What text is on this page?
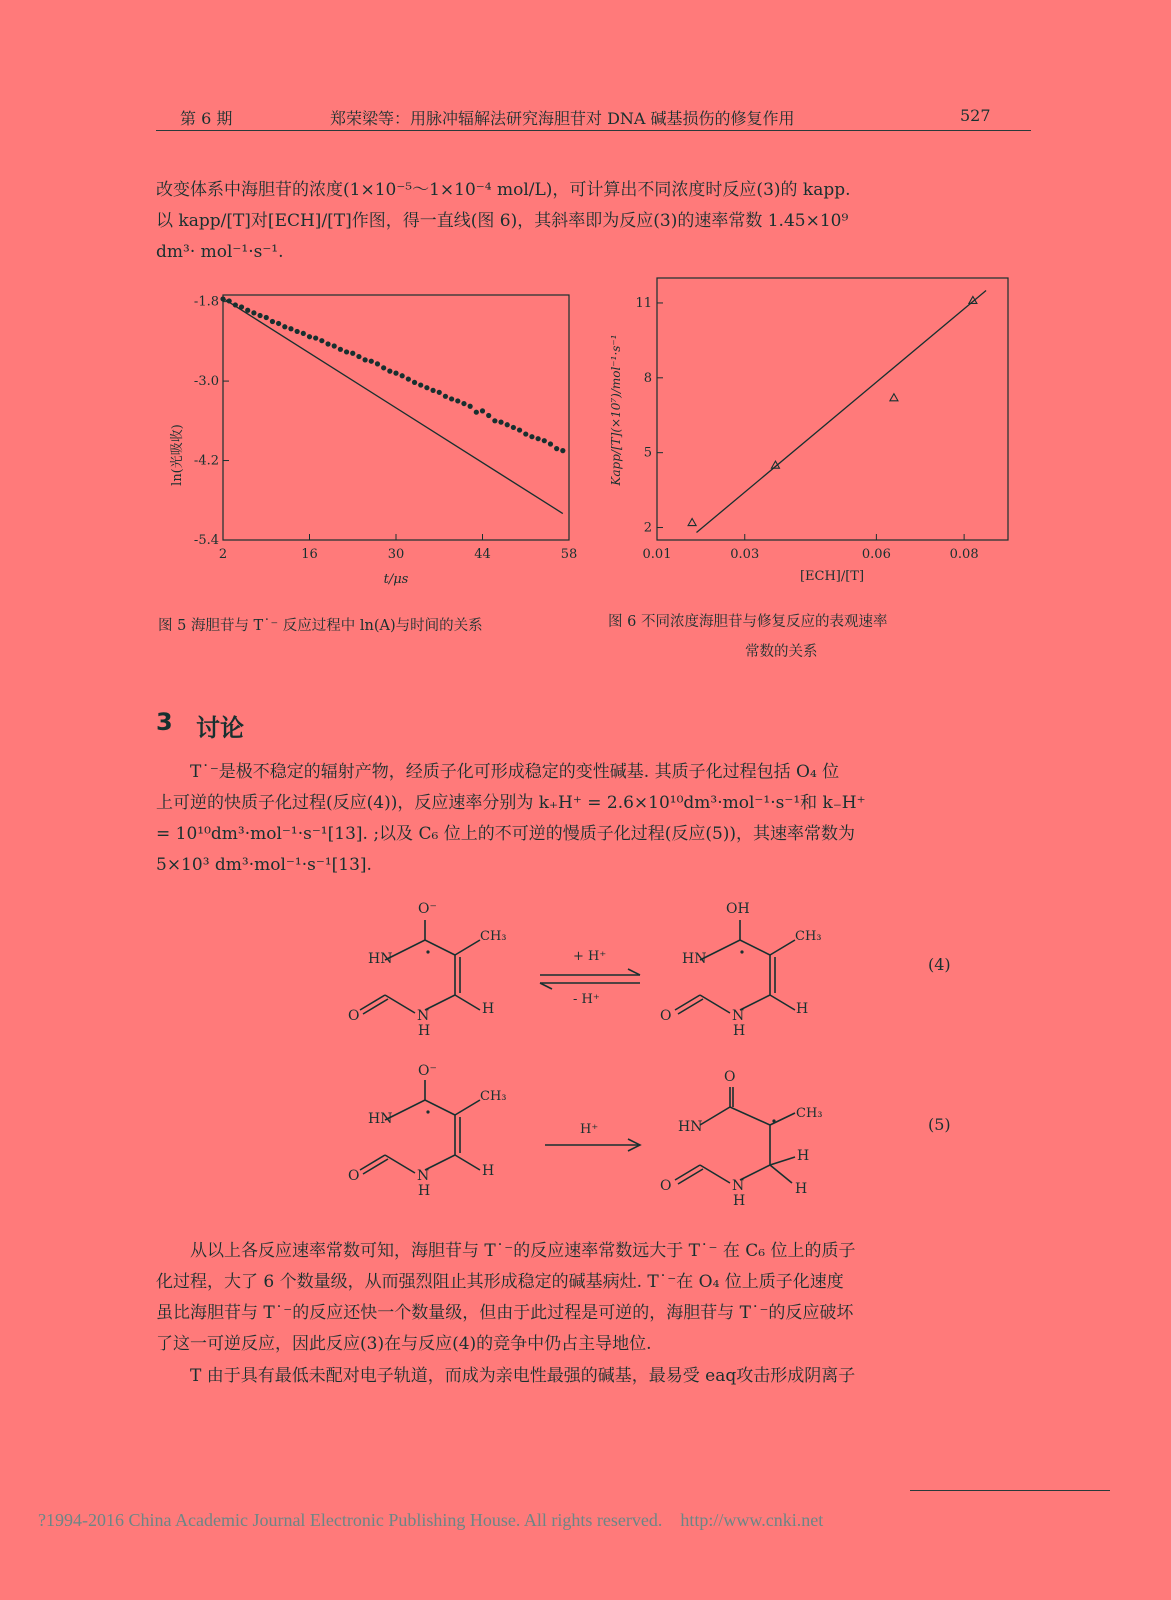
第 6 期	郑荣梁等：用脉冲辐解法研究海胆苷对 DNA 碱基损伤的修复作用	527

改变体系中海胆苷的浓度(1×10⁻⁵～1×10⁻⁴ mol/L)，可计算出不同浓度时反应(3)的 kapp.

以 kapp/[T]对[ECH]/[T]作图，得一直线(图 6)，其斜率即为反应(3)的速率常数 1.45×10⁹

dm³· mol⁻¹·s⁻¹.

2	16	30	44	58
-1.8
-3.0
-4.2
-5.4
ln(光吸收)
t/μs
图 5 海胆苷与 T˙⁻ 反应过程中 ln(A)与时间的关系
0.01	0.03	0.06	0.08
11
8
5
2
Kapp/[T](×10⁷)/mol⁻¹·s⁻¹
[ECH]/[T]
图 6 不同浓度海胆苷与修复反应的表观速率
常数的关系
3 讨论

T˙⁻是极不稳定的辐射产物，经质子化可形成稳定的变性碱基. 其质子化过程包括 O₄ 位

上可逆的快质子化过程(反应(4))，反应速率分别为 k₊H⁺ = 2.6×10¹⁰dm³·mol⁻¹·s⁻¹和 k₋H⁺

= 10¹⁰dm³·mol⁻¹·s⁻¹[13]. ;以及 C₆ 位上的不可逆的慢质子化过程(反应(5))，其速率常数为

5×10³ dm³·mol⁻¹·s⁻¹[13].

O⁻
CH₃
HN
O	N
H
H
+ H⁺
- H⁺
OH
CH₃
HN
O	N
H
H
(4)
O⁻
CH₃
HN
O	N
H
H
H⁺
O
CH₃
HN
O	N
H
H
H
(5)

从以上各反应速率常数可知，海胆苷与 T˙⁻的反应速率常数远大于 T˙⁻ 在 C₆ 位上的质子

化过程，大了 6 个数量级，从而强烈阻止其形成稳定的碱基病灶. T˙⁻在 O₄ 位上质子化速度

虽比海胆苷与 T˙⁻的反应还快一个数量级，但由于此过程是可逆的，海胆苷与 T˙⁻的反应破坏

了这一可逆反应，因此反应(3)在与反应(4)的竞争中仍占主导地位.

T 由于具有最低未配对电子轨道，而成为亲电性最强的碱基，最易受 eaq攻击形成阴离子

?1994-2016 China Academic Journal Electronic Publishing House. All rights reserved.    http://www.cnki.net
